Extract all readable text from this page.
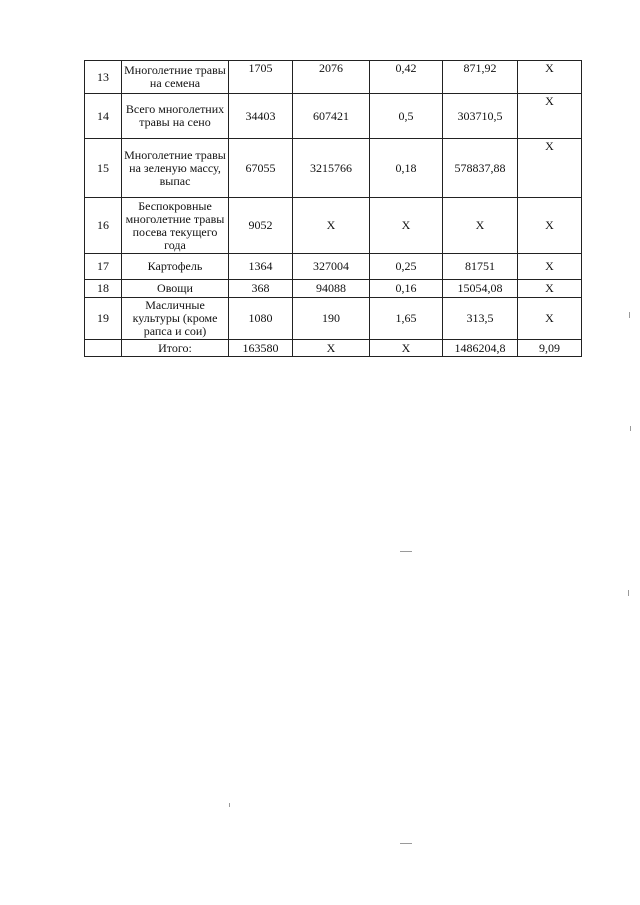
13	Многолетние травы на семена	1705	2076	0,42	871,92	Х
14	Всего многолетних травы на сено	34403	607421	0,5	303710,5	Х
15	Многолетние травы на зеленую массу, выпас	67055	3215766	0,18	578837,88	Х
16	Беспокровные многолетние травы посева текущего года	9052	Х	Х	Х	Х
17	Картофель	1364	327004	0,25	81751	Х
18	Овощи	368	94088	0,16	15054,08	Х
19	Масличные культуры (кроме рапса и сои)	1080	190	1,65	313,5	Х
	Итого:	163580	Х	Х	1486204,8	9,09
